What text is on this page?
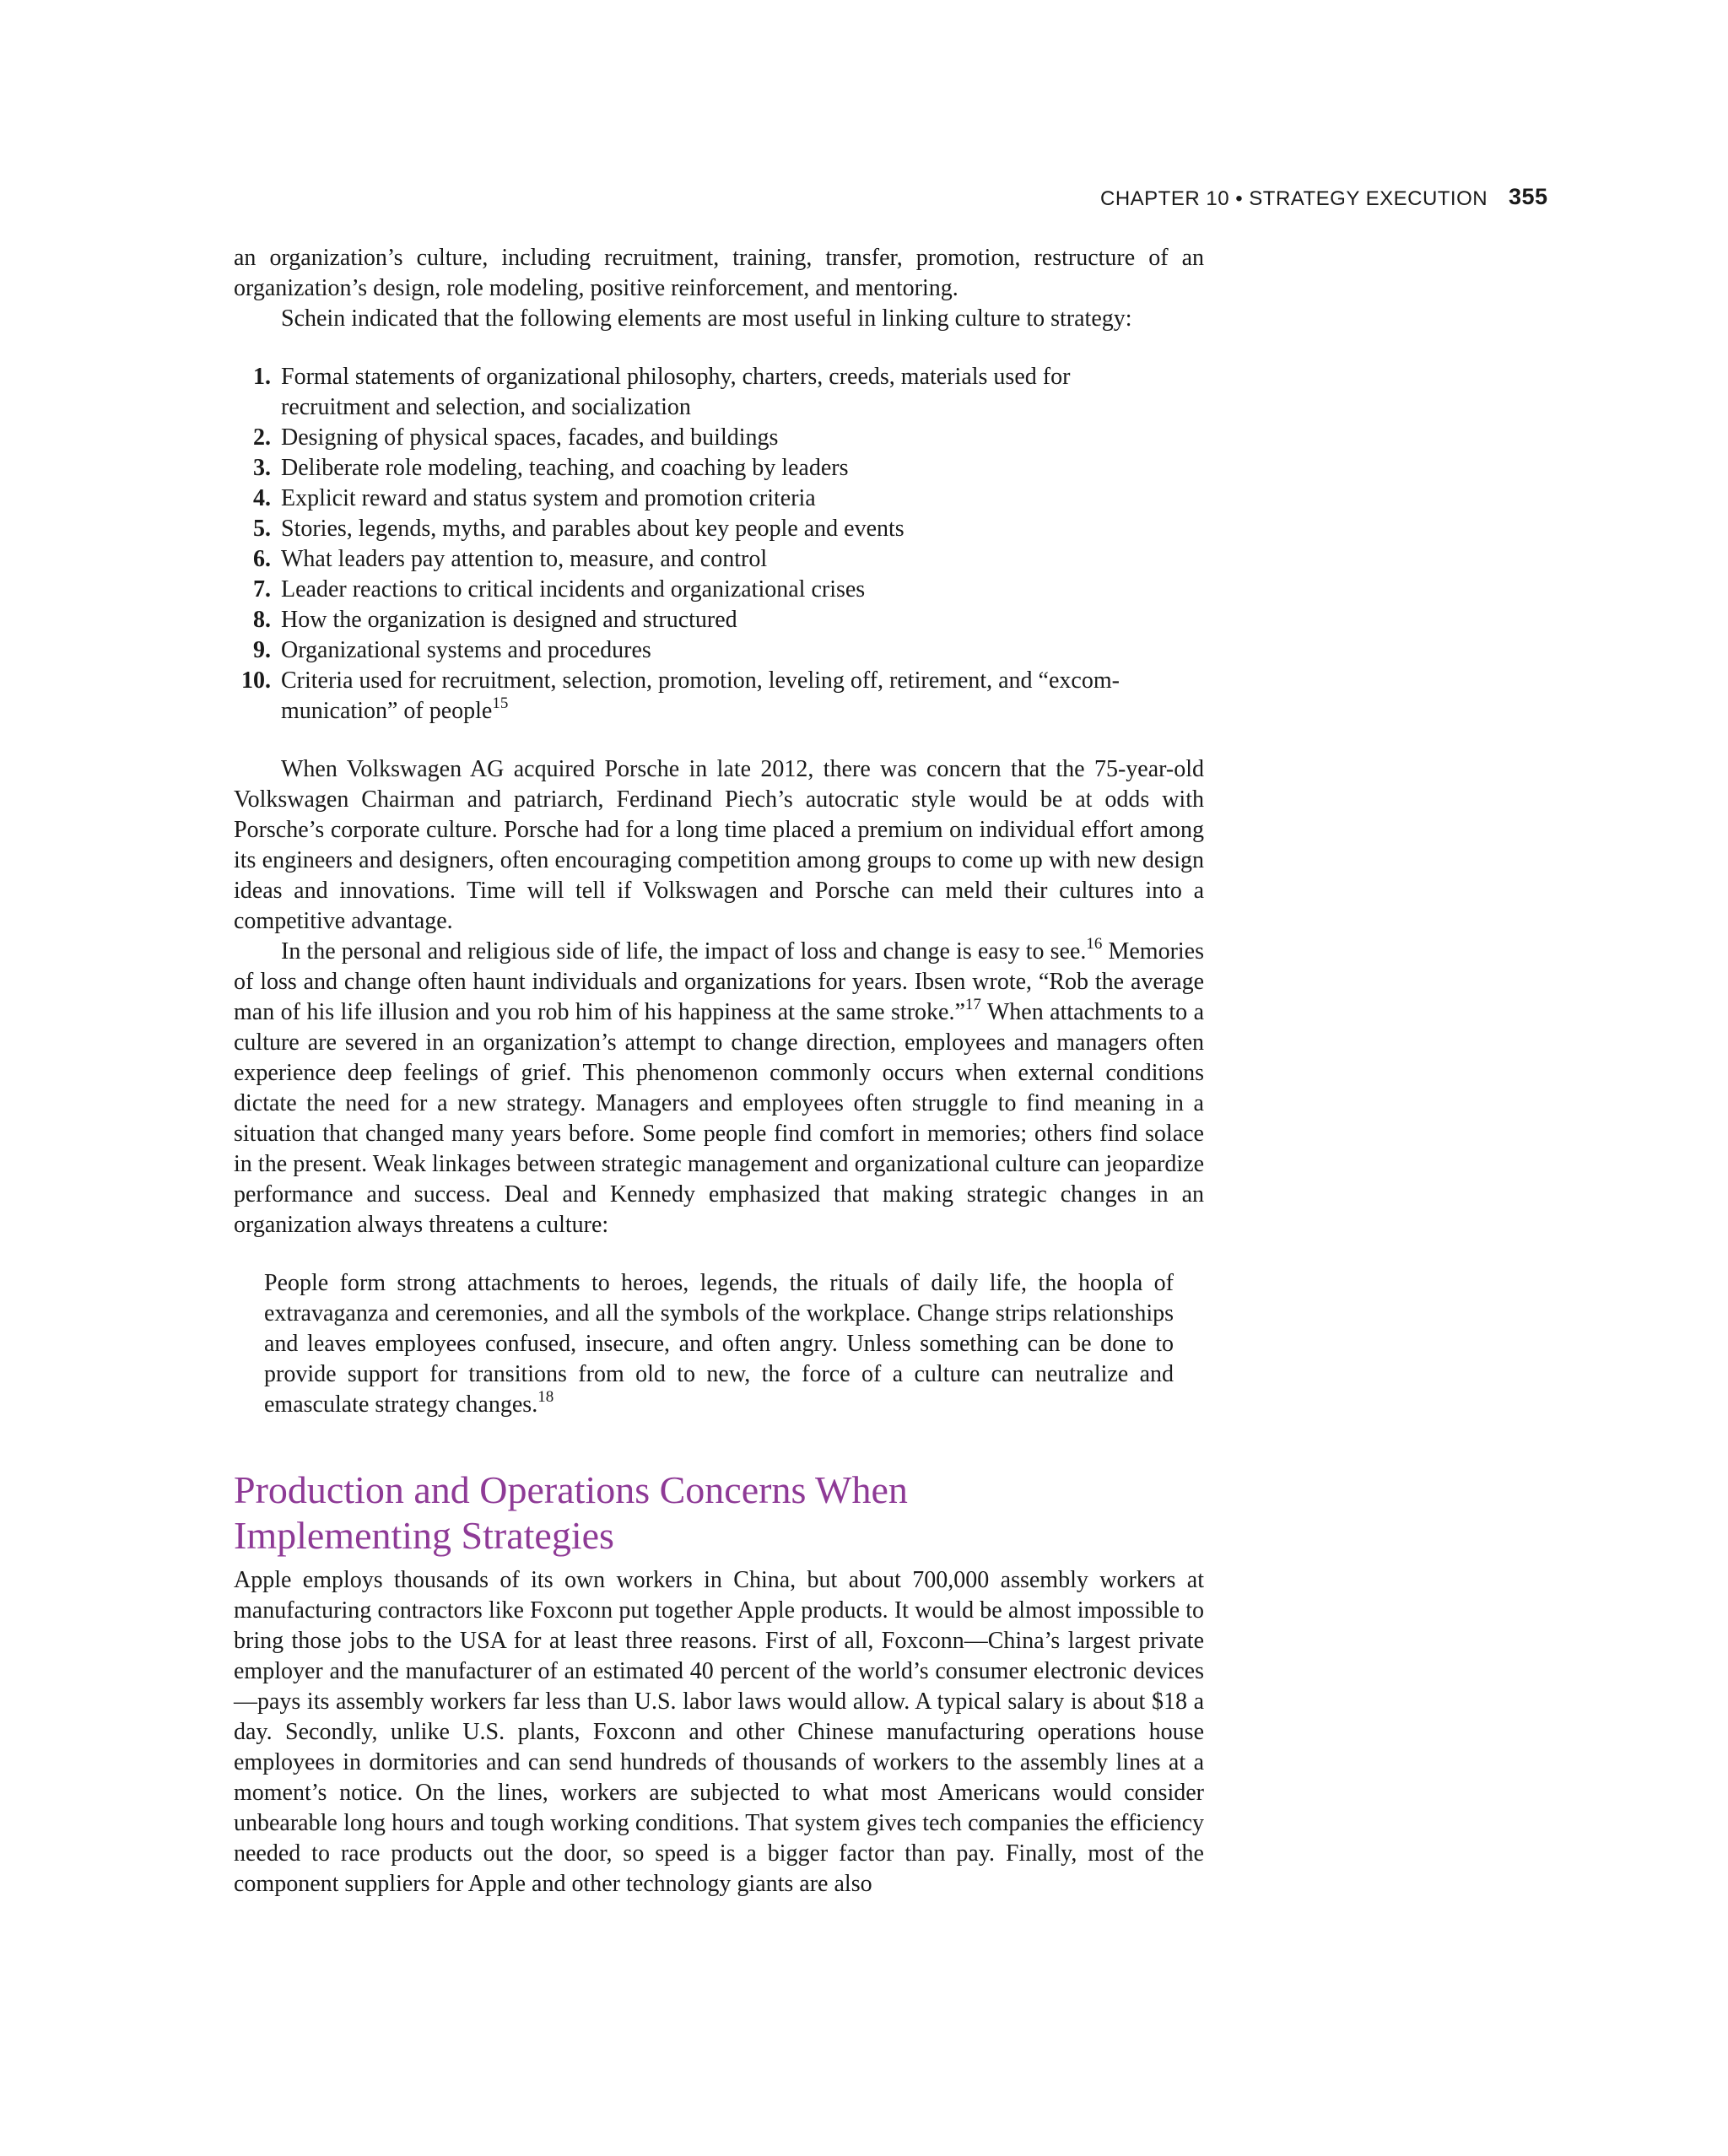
CHAPTER 10 • STRATEGY EXECUTION 355

an organization’s culture, including recruitment, training, transfer, promotion, restructure of an organization’s design, role modeling, positive reinforcement, and mentoring.

Schein indicated that the following elements are most useful in linking culture to strategy:

1. Formal statements of organizational philosophy, charters, creeds, materials used for recruitment and selection, and socialization
2. Designing of physical spaces, facades, and buildings
3. Deliberate role modeling, teaching, and coaching by leaders
4. Explicit reward and status system and promotion criteria
5. Stories, legends, myths, and parables about key people and events
6. What leaders pay attention to, measure, and control
7. Leader reactions to critical incidents and organizational crises
8. How the organization is designed and structured
9. Organizational systems and procedures
10. Criteria used for recruitment, selection, promotion, leveling off, retirement, and “excom-munication” of people$^{15}$

When Volkswagen AG acquired Porsche in late 2012, there was concern that the 75-year-old Volkswagen Chairman and patriarch, Ferdinand Piech’s autocratic style would be at odds with Porsche’s corporate culture. Porsche had for a long time placed a premium on individual effort among its engineers and designers, often encouraging competition among groups to come up with new design ideas and innovations. Time will tell if Volkswagen and Porsche can meld their cultures into a competitive advantage.

In the personal and religious side of life, the impact of loss and change is easy to see.$^{16}$ Memories of loss and change often haunt individuals and organizations for years. Ibsen wrote, “Rob the average man of his life illusion and you rob him of his happiness at the same stroke.”$^{17}$ When attachments to a culture are severed in an organization’s attempt to change direction, employees and managers often experience deep feelings of grief. This phenomenon commonly occurs when external conditions dictate the need for a new strategy. Managers and employees often struggle to find meaning in a situation that changed many years before. Some people find comfort in memories; others find solace in the present. Weak linkages between strategic management and organizational culture can jeopardize performance and success. Deal and Kennedy emphasized that making strategic changes in an organization always threatens a culture:

People form strong attachments to heroes, legends, the rituals of daily life, the hoopla of extravaganza and ceremonies, and all the symbols of the workplace. Change strips relationships and leaves employees confused, insecure, and often angry. Unless something can be done to provide support for transitions from old to new, the force of a culture can neutralize and emasculate strategy changes.$^{18}$

Production and Operations Concerns When
Implementing Strategies

Apple employs thousands of its own workers in China, but about 700,000 assembly workers at manufacturing contractors like Foxconn put together Apple products. It would be almost impossible to bring those jobs to the USA for at least three reasons. First of all, Foxconn—China’s largest private employer and the manufacturer of an estimated 40 percent of the world’s consumer electronic devices—pays its assembly workers far less than U.S. labor laws would allow. A typical salary is about $18 a day. Secondly, unlike U.S. plants, Foxconn and other Chinese manufacturing operations house employees in dormitories and can send hundreds of thousands of workers to the assembly lines at a moment’s notice. On the lines, workers are subjected to what most Americans would consider unbearable long hours and tough working conditions. That system gives tech companies the efficiency needed to race products out the door, so speed is a bigger factor than pay. Finally, most of the component suppliers for Apple and other technology giants are also
